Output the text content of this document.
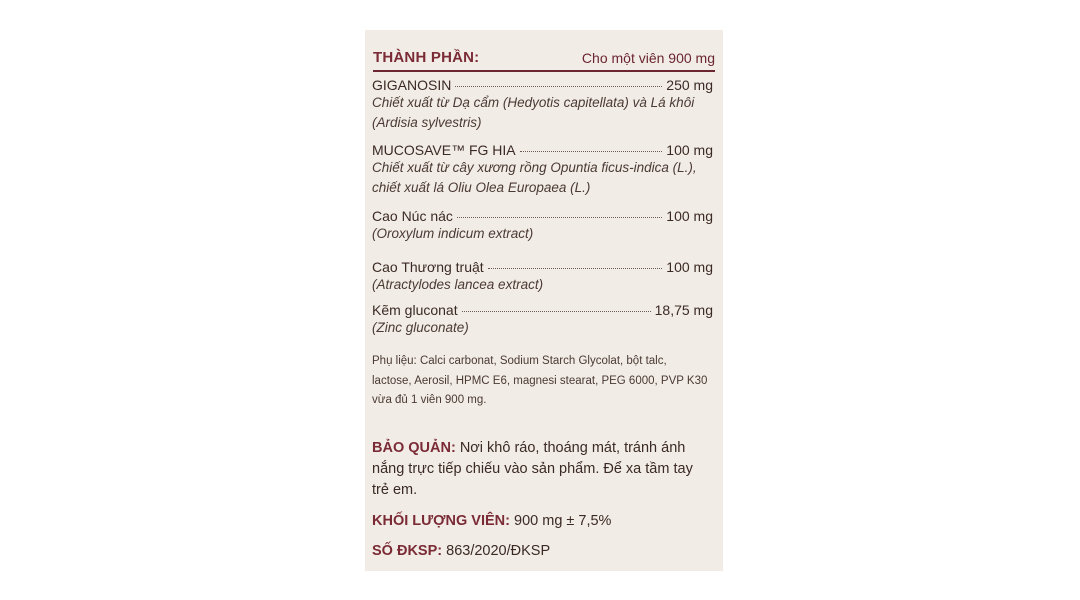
THÀNH PHẦN:	Cho một viên 900 mg
GIGANOSIN	250 mg
Chiết xuất từ Dạ cẩm (Hedyotis capitellata) và Lá khôi (Ardisia sylvestris)
MUCOSAVE™ FG HIA	100 mg
Chiết xuất từ cây xương rồng Opuntia ficus-indica (L.), chiết xuất lá Oliu Olea Europaea (L.)
Cao Núc nác	100 mg
(Oroxylum indicum extract)
Cao Thương truật	100 mg
(Atractylodes lancea extract)
Kẽm gluconat	18,75 mg
(Zinc gluconate)
Phụ liệu: Calci carbonat, Sodium Starch Glycolat, bột talc, lactose, Aerosil, HPMC E6, magnesi stearat, PEG 6000, PVP K30 vừa đủ 1 viên 900 mg.
BẢO QUẢN: Nơi khô ráo, thoáng mát, tránh ánh nắng trực tiếp chiếu vào sản phẩm. Để xa tầm tay trẻ em.
KHỐI LƯỢNG VIÊN: 900 mg ± 7,5%
SỐ ĐKSP: 863/2020/ĐKSP
